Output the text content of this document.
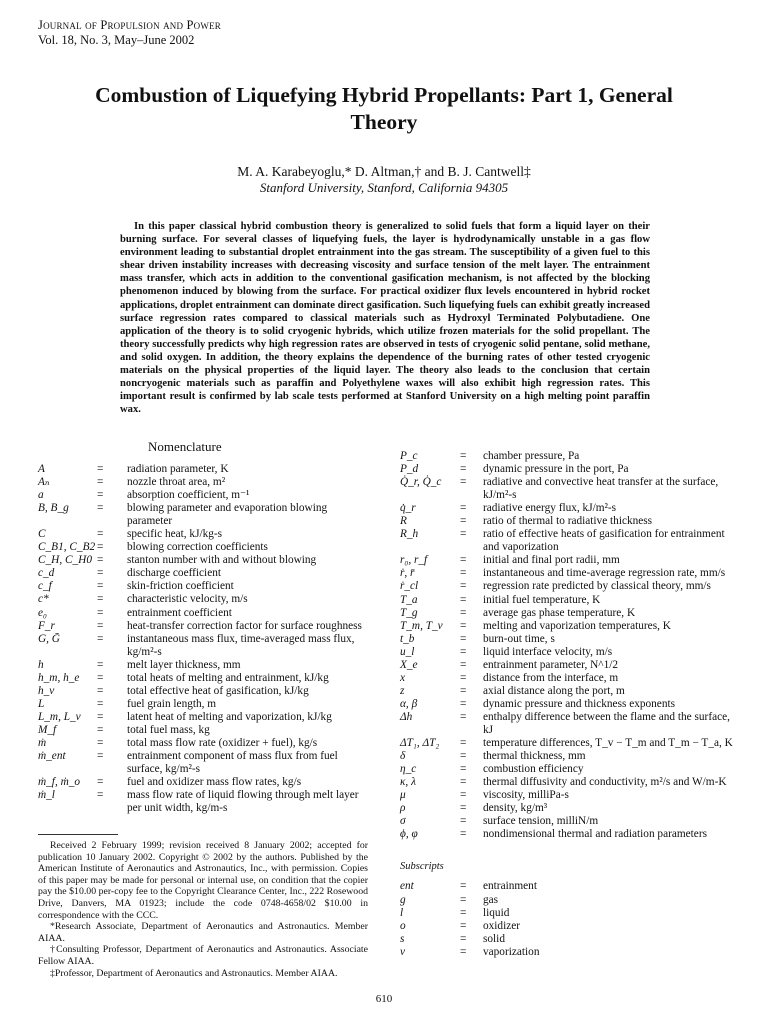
Journal of Propulsion and Power
Vol. 18, No. 3, May–June 2002
Combustion of Liquefying Hybrid Propellants: Part 1, General Theory
M. A. Karabeyoglu,* D. Altman,† and B. J. Cantwell‡
Stanford University, Stanford, California 94305
In this paper classical hybrid combustion theory is generalized to solid fuels that form a liquid layer on their burning surface. For several classes of liquefying fuels, the layer is hydrodynamically unstable in a gas flow environment leading to substantial droplet entrainment into the gas stream. The susceptibility of a given fuel to this shear driven instability increases with decreasing viscosity and surface tension of the melt layer. The entrainment mass transfer, which acts in addition to the conventional gasification mechanism, is not affected by the blocking phenomenon induced by blowing from the surface. For practical oxidizer flux levels encountered in hybrid rocket applications, droplet entrainment can dominate direct gasification. Such liquefying fuels can exhibit greatly increased surface regression rates compared to classical materials such as Hydroxyl Terminated Polybutadiene. One application of the theory is to solid cryogenic hybrids, which utilize frozen materials for the solid propellant. The theory successfully predicts why high regression rates are observed in tests of cryogenic solid pentane, solid methane, and solid oxygen. In addition, the theory explains the dependence of the burning rates of other tested cryogenic materials on the physical properties of the liquid layer. The theory also leads to the conclusion that certain noncryogenic materials such as paraffin and Polyethylene waxes will also exhibit high regression rates. This important result is confirmed by lab scale tests performed at Stanford University on a high melting point paraffin wax.
Nomenclature
A	=	radiation parameter, K
Aₙ	=	nozzle throat area, m²
a	=	absorption coefficient, m⁻¹
B, B_g	=	blowing parameter and evaporation blowing parameter
C	=	specific heat, kJ/kg-s
C_B1, C_B2 =	blowing correction coefficients
C_H, C_H0 =	stanton number with and without blowing
c_d	=	discharge coefficient
c_f	=	skin-friction coefficient
c*	=	characteristic velocity, m/s
e₀	=	entrainment coefficient
F_r	=	heat-transfer correction factor for surface roughness
G, Ḡ	=	instantaneous mass flux, time-averaged mass flux, kg/m²-s
h	=	melt layer thickness, mm
h_m, h_e	=	total heats of melting and entrainment, kJ/kg
h_v	=	total effective heat of gasification, kJ/kg
L	=	fuel grain length, m
L_m, L_v	=	latent heat of melting and vaporization, kJ/kg
M_f	=	total fuel mass, kg
ṁ	=	total mass flow rate (oxidizer + fuel), kg/s
ṁ_ent	=	entrainment component of mass flux from fuel surface, kg/m²-s
ṁ_f, ṁ_o	=	fuel and oxidizer mass flow rates, kg/s
ṁ_l	=	mass flow rate of liquid flowing through melt layer per unit width, kg/m-s
P_c	=	chamber pressure, Pa
P_d	=	dynamic pressure in the port, Pa
Q̇_r, Q̇_c	=	radiative and convective heat transfer at the surface, kJ/m²-s
q̇_r	=	radiative energy flux, kJ/m²-s
R	=	ratio of thermal to radiative thickness
R_h	=	ratio of effective heats of gasification for entrainment and vaporization
r₀, r_f	=	initial and final port radii, mm
ṙ, r̄	=	instantaneous and time-average regression rate, mm/s
ṙ_cl	=	regression rate predicted by classical theory, mm/s
T_a	=	initial fuel temperature, K
T_g	=	average gas phase temperature, K
T_m, T_v	=	melting and vaporization temperatures, K
t_b	=	burn-out time, s
u_l	=	liquid interface velocity, m/s
X_e	=	entrainment parameter, N^1/2
x	=	distance from the interface, m
z	=	axial distance along the port, m
α, β	=	dynamic pressure and thickness exponents
Δh	=	enthalpy difference between the flame and the surface, kJ
ΔT₁, ΔT₂	=	temperature differences, T_v − T_m and T_m − T_a, K
δ	=	thermal thickness, mm
η_c	=	combustion efficiency
κ, λ	=	thermal diffusivity and conductivity, m²/s and W/m-K
μ	=	viscosity, milliPa-s
ρ	=	density, kg/m³
σ	=	surface tension, milliN/m
ϕ, φ	=	nondimensional thermal and radiation parameters
Subscripts
ent	=	entrainment
g	=	gas
l	=	liquid
o	=	oxidizer
s	=	solid
v	=	vaporization

Received 2 February 1999; revision received 8 January 2002; accepted for publication 10 January 2002. Copyright © 2002 by the authors. Published by the American Institute of Aeronautics and Astronautics, Inc., with permission. Copies of this paper may be made for personal or internal use, on condition that the copier pay the $10.00 per-copy fee to the Copyright Clearance Center, Inc., 222 Rosewood Drive, Danvers, MA 01923; include the code 0748-4658/02 $10.00 in correspondence with the CCC.

*Research Associate, Department of Aeronautics and Astronautics. Member AIAA.

†Consulting Professor, Department of Aeronautics and Astronautics. Associate Fellow AIAA.

‡Professor, Department of Aeronautics and Astronautics. Member AIAA.

610
